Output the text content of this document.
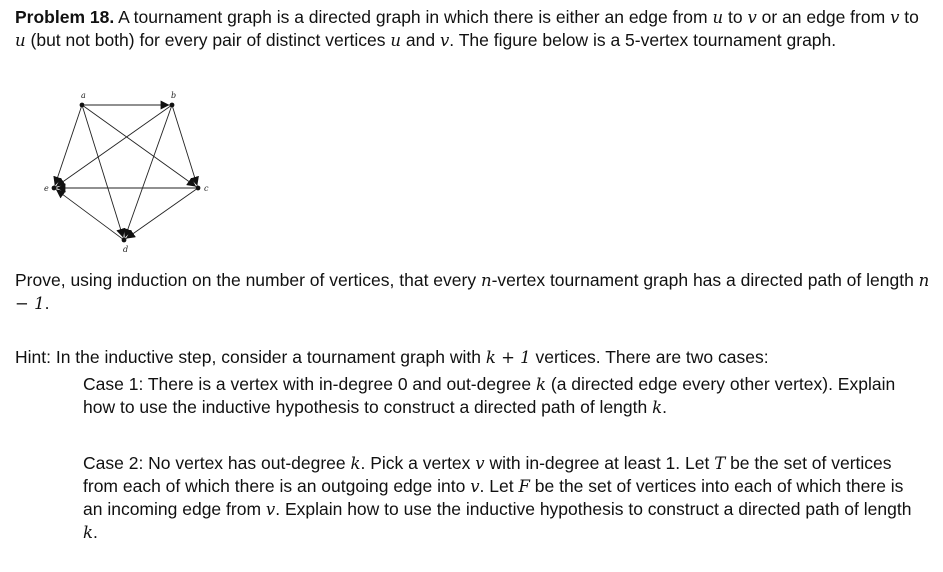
Problem 18. A tournament graph is a directed graph in which there is either an edge from u to v or an edge from v to u (but not both) for every pair of distinct vertices u and v. The figure below is a 5-vertex tournament graph.

a	b
c
d
e

Prove, using induction on the number of vertices, that every n-vertex tournament graph has a directed path of length n − 1.

Hint: In the inductive step, consider a tournament graph with k + 1 vertices. There are two cases:

Case 1: There is a vertex with in-degree 0 and out-degree k (a directed edge every other vertex). Explain how to use the inductive hypothesis to construct a directed path of length k.

Case 2: No vertex has out-degree k. Pick a vertex v with in-degree at least 1. Let T be the set of vertices from each of which there is an outgoing edge into v. Let F be the set of vertices into each of which there is an incoming edge from v. Explain how to use the inductive hypothesis to construct a directed path of length k.
